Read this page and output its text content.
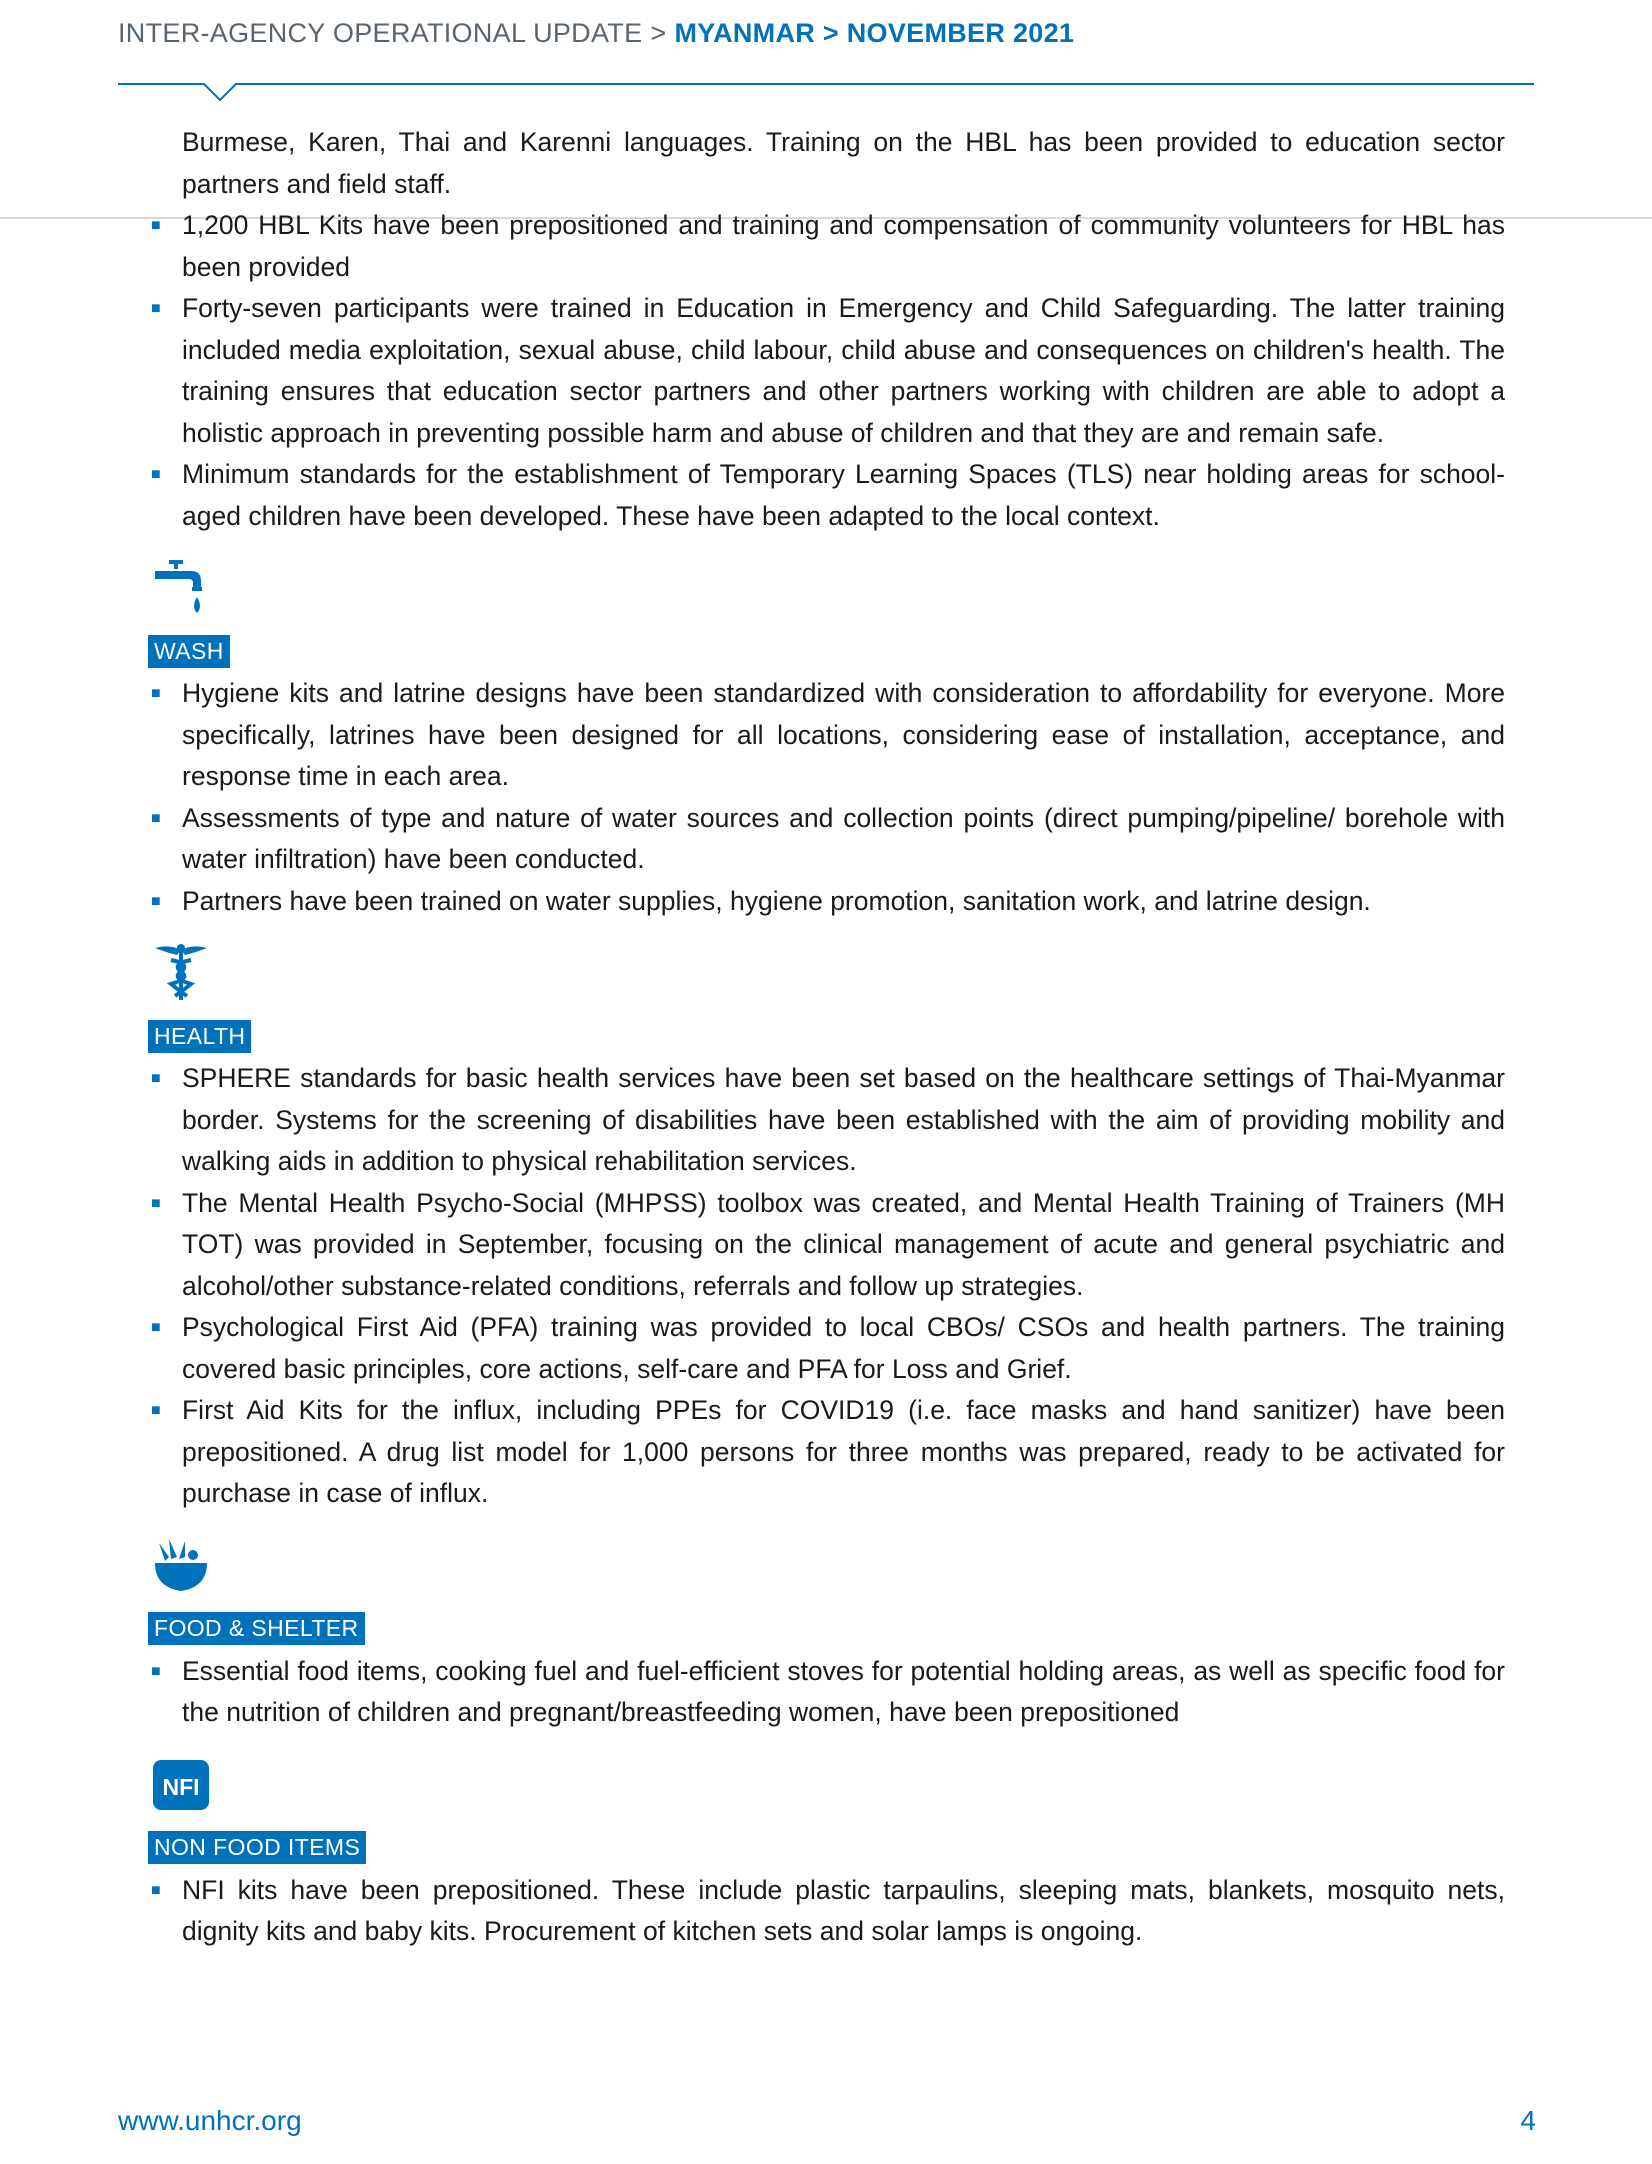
INTER-AGENCY OPERATIONAL UPDATE > MYANMAR > NOVEMBER 2021
Burmese, Karen, Thai and Karenni languages. Training on the HBL has been provided to education sector partners and field staff.
■ 1,200 HBL Kits have been prepositioned and training and compensation of community volunteers for HBL has been provided
■ Forty-seven participants were trained in Education in Emergency and Child Safeguarding. The latter training included media exploitation, sexual abuse, child labour, child abuse and consequences on children's health. The training ensures that education sector partners and other partners working with children are able to adopt a holistic approach in preventing possible harm and abuse of children and that they are and remain safe.
■ Minimum standards for the establishment of Temporary Learning Spaces (TLS) near holding areas for school-aged children have been developed. These have been adapted to the local context.
WASH
■ Hygiene kits and latrine designs have been standardized with consideration to affordability for everyone. More specifically, latrines have been designed for all locations, considering ease of installation, acceptance, and response time in each area.
■ Assessments of type and nature of water sources and collection points (direct pumping/pipeline/ borehole with water infiltration) have been conducted.
■ Partners have been trained on water supplies, hygiene promotion, sanitation work, and latrine design.
HEALTH
■ SPHERE standards for basic health services have been set based on the healthcare settings of Thai-Myanmar border. Systems for the screening of disabilities have been established with the aim of providing mobility and walking aids in addition to physical rehabilitation services.
■ The Mental Health Psycho-Social (MHPSS) toolbox was created, and Mental Health Training of Trainers (MH TOT) was provided in September, focusing on the clinical management of acute and general psychiatric and alcohol/other substance-related conditions, referrals and follow up strategies.
■ Psychological First Aid (PFA) training was provided to local CBOs/ CSOs and health partners. The training covered basic principles, core actions, self-care and PFA for Loss and Grief.
■ First Aid Kits for the influx, including PPEs for COVID19 (i.e. face masks and hand sanitizer) have been prepositioned. A drug list model for 1,000 persons for three months was prepared, ready to be activated for purchase in case of influx.
FOOD & SHELTER
■ Essential food items, cooking fuel and fuel-efficient stoves for potential holding areas, as well as specific food for the nutrition of children and pregnant/breastfeeding women, have been prepositioned
NFI
NON FOOD ITEMS
■ NFI kits have been prepositioned. These include plastic tarpaulins, sleeping mats, blankets, mosquito nets, dignity kits and baby kits. Procurement of kitchen sets and solar lamps is ongoing.
www.unhcr.org	4
